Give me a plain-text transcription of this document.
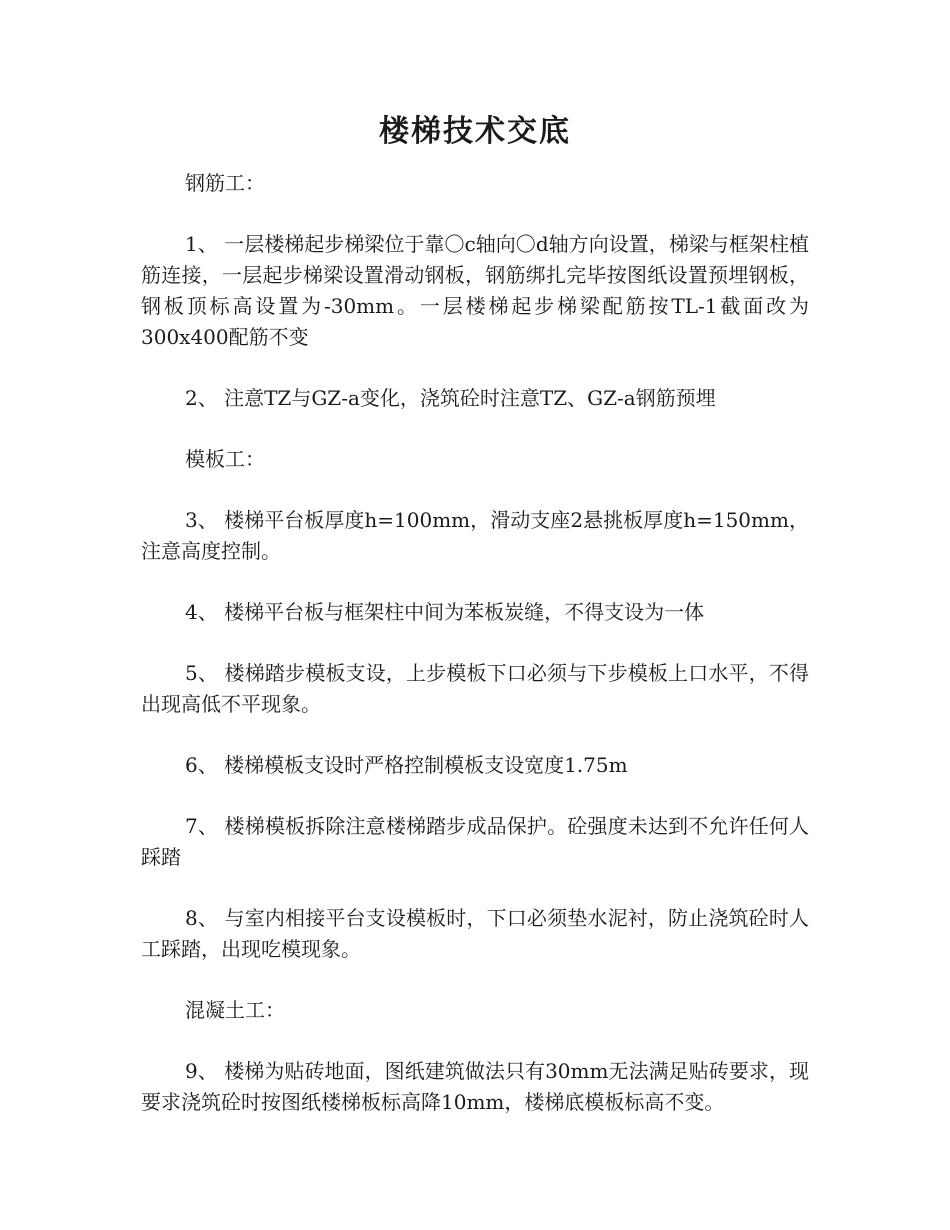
楼梯技术交底

钢筋工：

1、 一层楼梯起步梯梁位于靠〇c轴向〇d轴方向设置，梯梁与框架柱植筋连接，一层起步梯梁设置滑动钢板，钢筋绑扎完毕按图纸设置预埋钢板，钢板顶标高设置为-30mm。一层楼梯起步梯梁配筋按TL-1截面改为300x400配筋不变

2、 注意TZ与GZ-a变化，浇筑砼时注意TZ、GZ-a钢筋预埋

模板工：

3、 楼梯平台板厚度h=100mm，滑动支座2悬挑板厚度h=150mm，注意高度控制。

4、 楼梯平台板与框架柱中间为苯板炭缝，不得支设为一体

5、 楼梯踏步模板支设，上步模板下口必须与下步模板上口水平，不得出现高低不平现象。

6、 楼梯模板支设时严格控制模板支设宽度1.75m

7、 楼梯模板拆除注意楼梯踏步成品保护。砼强度未达到不允许任何人踩踏

8、 与室内相接平台支设模板时，下口必须垫水泥衬，防止浇筑砼时人工踩踏，出现吃模现象。

混凝土工：

9、 楼梯为贴砖地面，图纸建筑做法只有30mm无法满足贴砖要求，现要求浇筑砼时按图纸楼梯板标高降10mm，楼梯底模板标高不变。
